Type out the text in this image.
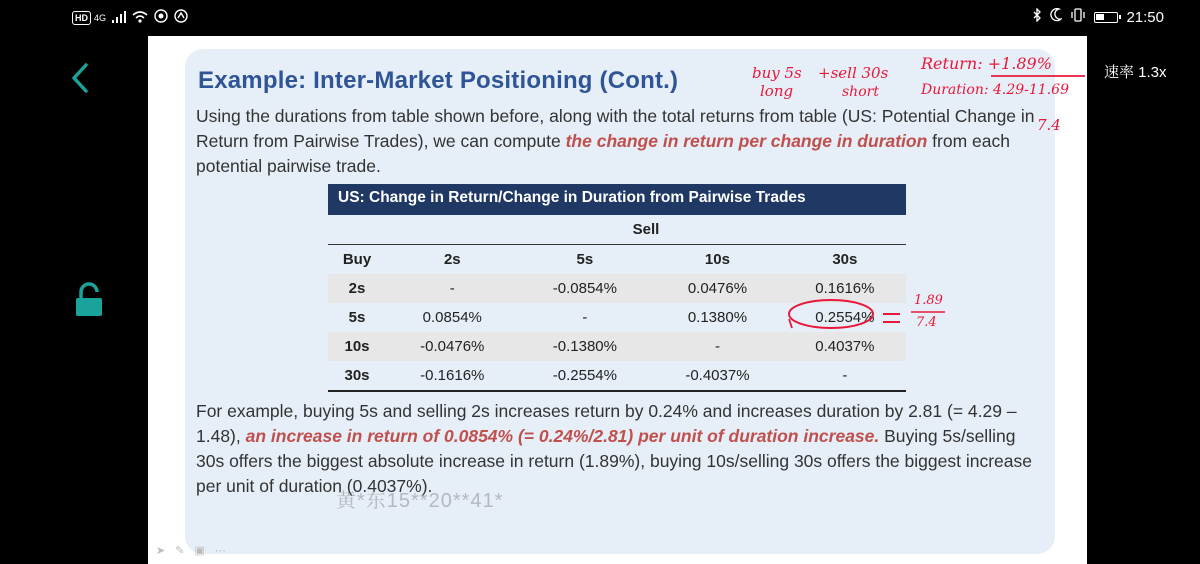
HD 4G	21:50
速率 1.3x
Example: Inter-Market Positioning (Cont.)

Using the durations from table shown before, along with the total returns from table (US: Potential Change in Return from Pairwise Trades), we can compute the change in return per change in duration from each potential pairwise trade.

US: Change in Return/Change in Duration from Pairwise Trades				
	Sell			
Buy	2s	5s	10s	30s
2s	-	-0.0854%	0.0476%	0.1616%
5s	0.0854%	-	0.1380%	0.2554%
10s	-0.0476%	-0.1380%	-	0.4037%
30s	-0.1616%	-0.2554%	-0.4037%	-

For example, buying 5s and selling 2s increases return by 0.24% and increases duration by 2.81 (= 4.29 – 1.48), an increase in return of 0.0854% (= 0.24%/2.81) per unit of duration increase. Buying 5s/selling 30s offers the biggest absolute increase in return (1.89%), buying 10s/selling 30s offers the biggest increase per unit of duration (0.4037%).

黄*东15**20**41*
➤ ✎ ▣ ⋯
buy 5s
long
+sell 30s
short
Return: +1.89%
Duration: 4.29-11.69
7.4
1.89
7.4
